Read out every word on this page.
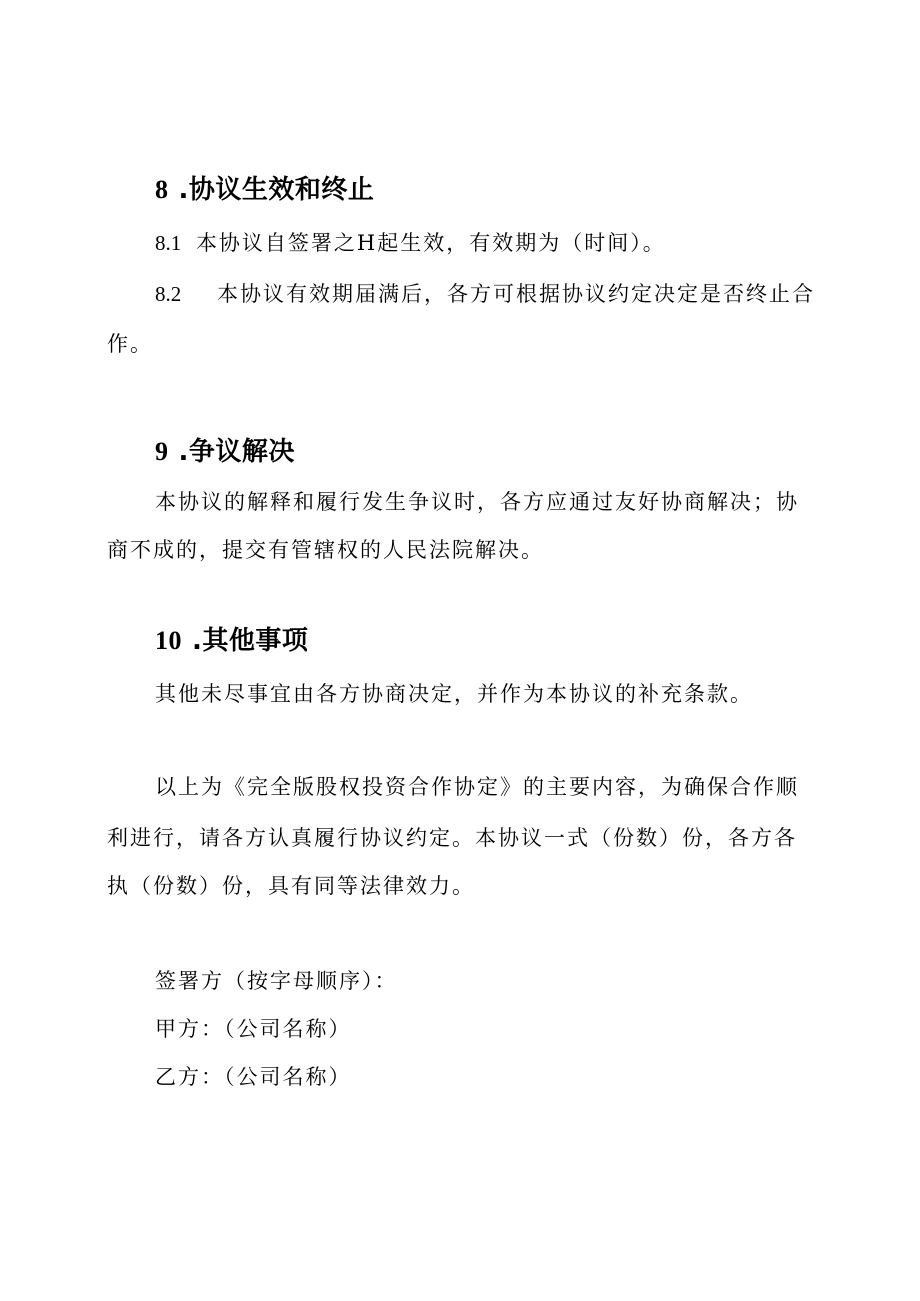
8 .协议生效和终止
8.1 本协议自签署之H起生效，有效期为（时间）。
8.2 本协议有效期届满后，各方可根据协议约定决定是否终止合
作。
9 .争议解决
本协议的解释和履行发生争议时，各方应通过友好协商解决；协
商不成的，提交有管辖权的人民法院解决。
10 .其他事项
其他未尽事宜由各方协商决定，并作为本协议的补充条款。
以上为《完全版股权投资合作协定》的主要内容，为确保合作顺
利进行，请各方认真履行协议约定。本协议一式（份数）份，各方各
执（份数）份，具有同等法律效力。
签署方（按字母顺序）：
甲方：（公司名称）
乙方：（公司名称）
